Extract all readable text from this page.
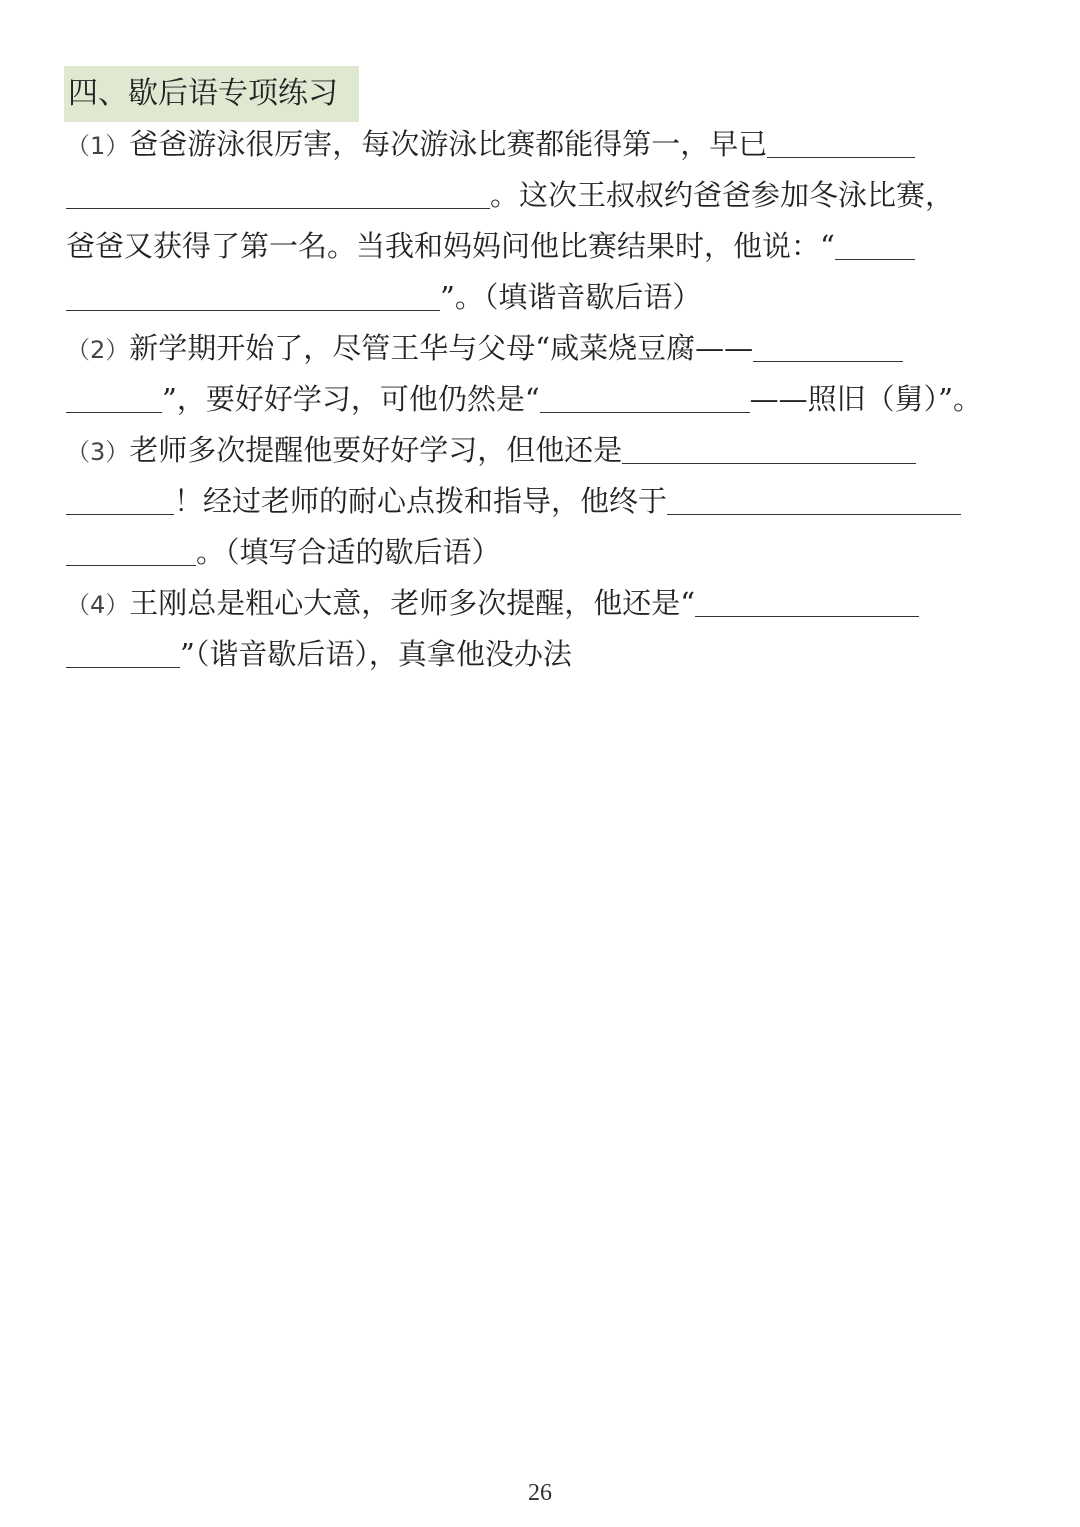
四、歇后语专项练习
（1）爸爸游泳很厉害，每次游泳比赛都能得第一，早已
。这次王叔叔约爸爸参加冬泳比赛，
爸爸又获得了第一名。当我和妈妈问他比赛结果时，他说：“
”。（填谐音歇后语）
（2）新学期开始了，尽管王华与父母“咸菜烧豆腐——
”，要好好学习，可他仍然是“	——照旧（舅）”。
（3）老师多次提醒他要好好学习，但他还是
！经过老师的耐心点拨和指导，他终于
。（填写合适的歇后语）
（4）王刚总是粗心大意，老师多次提醒，他还是“
”（谐音歇后语），真拿他没办法
26
